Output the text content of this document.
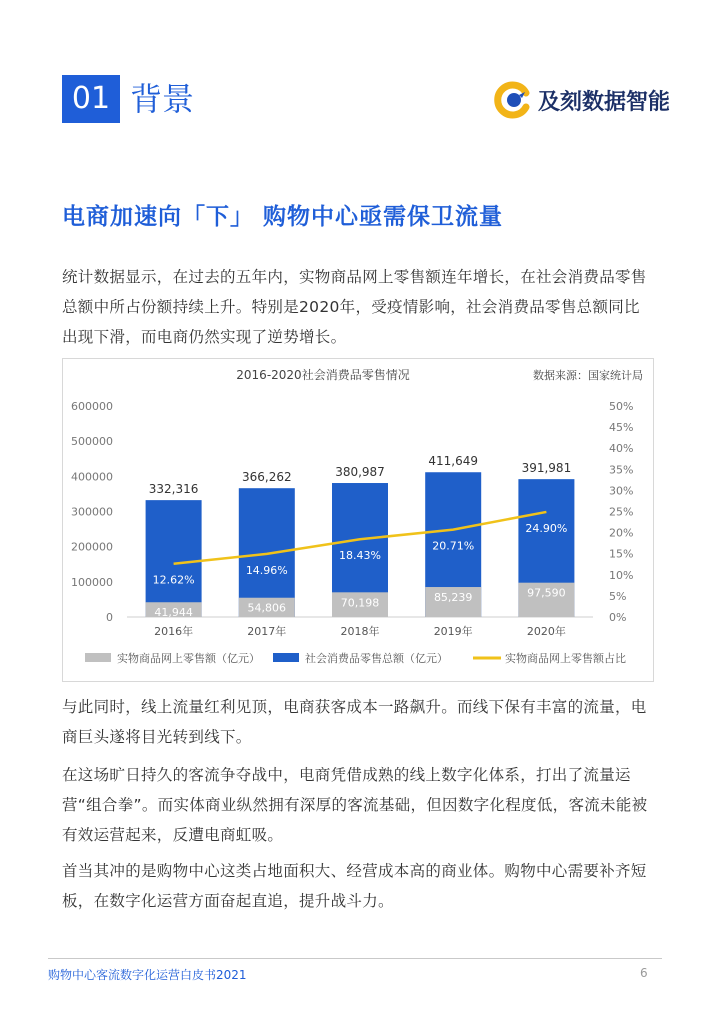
01 背景	及刻数据智能
电商加速向「下」 购物中心亟需保卫流量
统计数据显示，在过去的五年内，实物商品网上零售额连年增长，在社会消费品零售总额中所占份额持续上升。特别是2020年，受疫情影响，社会消费品零售总额同比出现下滑，而电商仍然实现了逆势增长。
2016-2020社会消费品零售情况	数据来源：国家统计局
0
100000
200000
300000
400000
500000
600000
0%
5%
10%
15%
20%
25%
30%
35%
40%
45%
50%
2016年
332,316
41,944
2017年
366,262
54,806
2018年
380,987
70,198
2019年
411,649
85,239
2020年
391,981
97,590
12.62%
14.96%
18.43%
20.71%
24.90%
实物商品网上零售额（亿元）	社会消费品零售总额（亿元）	实物商品网上零售额占比
与此同时，线上流量红利见顶，电商获客成本一路飙升。而线下保有丰富的流量，电商巨头遂将目光转到线下。
在这场旷日持久的客流争夺战中，电商凭借成熟的线上数字化体系，打出了流量运营“组合拳”。而实体商业纵然拥有深厚的客流基础，但因数字化程度低，客流未能被有效运营起来，反遭电商虹吸。
首当其冲的是购物中心这类占地面积大、经营成本高的商业体。购物中心需要补齐短板，在数字化运营方面奋起直追，提升战斗力。
购物中心客流数字化运营白皮书2021	6
